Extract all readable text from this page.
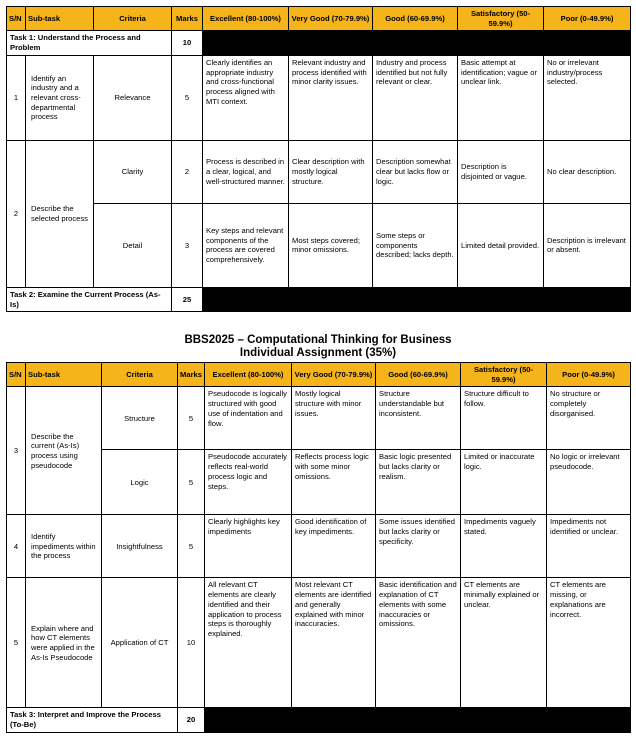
S/N	Sub-task	Criteria	Marks	Excellent (80-100%)	Very Good (70-79.9%)	Good (60-69.9%)	Satisfactory (50-59.9%)	Poor (0-49.9%)
Task 1: Understand the Process and Problem			10					
1	Identify an industry and a relevant cross-departmental process	Relevance	5	Clearly identifies an appropriate industry and cross-functional process aligned with MTI context.	Relevant industry and process identified with minor clarity issues.	Industry and process identified but not fully relevant or clear.	Basic attempt at identification; vague or unclear link.	No or irrelevant industry/process selected.
2	Describe the selected process	Clarity	2	Process is described in a clear, logical, and well-structured manner.	Clear description with mostly logical structure.	Description somewhat clear but lacks flow or logic.	Description is disjointed or vague.	No clear description.
		Detail	3	Key steps and relevant components of the process are covered comprehensively.	Most steps covered; minor omissions.	Some steps or components described; lacks depth.	Limited detail provided.	Description is irrelevant or absent.
Task 2: Examine the Current Process (As-Is)			25					
BBS2025 – Computational Thinking for Business
Individual Assignment (35%)
S/N	Sub-task	Criteria	Marks	Excellent (80-100%)	Very Good (70-79.9%)	Good (60-69.9%)	Satisfactory (50-59.9%)	Poor (0-49.9%)
3	Describe the current (As-Is) process using pseudocode	Structure	5	Pseudocode is logically structured with good use of indentation and flow.	Mostly logical structure with minor issues.	Structure understandable but inconsistent.	Structure difficult to follow.	No structure or completely disorganised.
		Logic	5	Pseudocode accurately reflects real-world process logic and steps.	Reflects process logic with some minor omissions.	Basic logic presented but lacks clarity or realism.	Limited or inaccurate logic.	No logic or irrelevant pseudocode.
4	Identify impediments within the process	Insightfulness	5	Clearly highlights key impediments	Good identification of key impediments.	Some issues identified but lacks clarity or specificity.	Impediments vaguely stated.	Impediments not identified or unclear.
5	Explain where and how CT elements were applied in the As-Is Pseudocode	Application of CT	10	All relevant CT elements are clearly identified and their application to process steps is thoroughly explained.	Most relevant CT elements are identified and generally explained with minor inaccuracies.	Basic identification and explanation of CT elements with some inaccuracies or omissions.	CT elements are minimally explained or unclear.	CT elements are missing, or explanations are incorrect.
Task 3: Interpret and Improve the Process (To-Be)			20					
